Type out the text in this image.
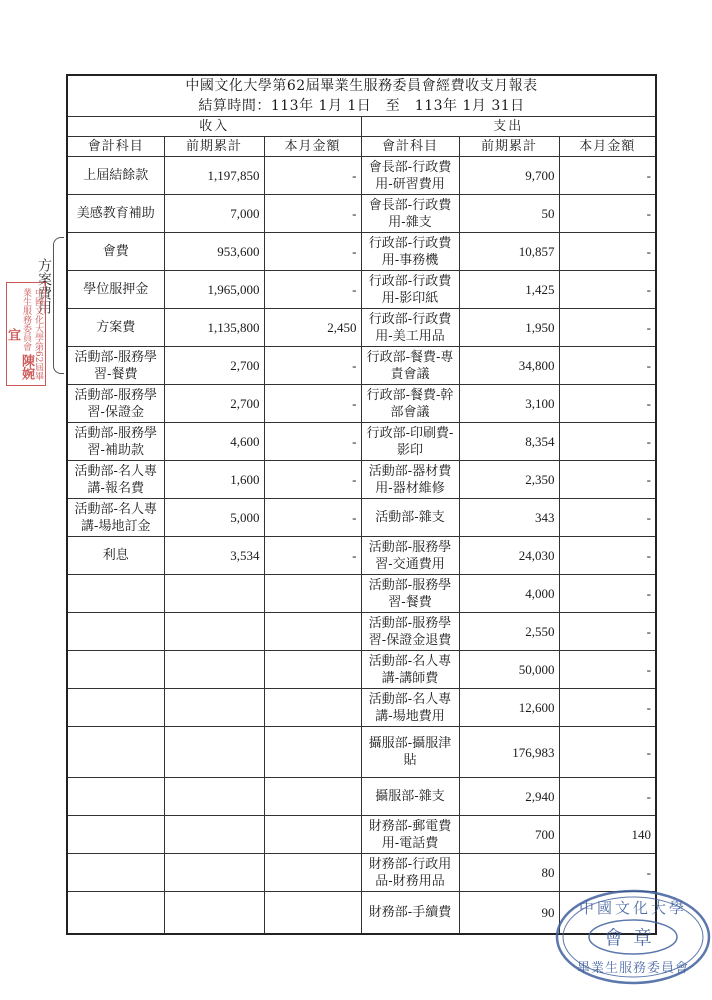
中國文化大學第62屆畢業生服務委員會經費收支月報表
結算時間：113年 1月 1日　至　113年 1月 31日					

收入			支出		
會計科目	前期累計	本月金額	會計科目	前期累計	本月金額
上屆結餘款	1,197,850	-	會長部-行政費用-研習費用	9,700	-
美感教育補助	7,000	-	會長部-行政費用-雜支	50	-
會費	953,600	-	行政部-行政費用-事務機	10,857	-
學位服押金	1,965,000	-	行政部-行政費用-影印紙	1,425	-
方案費	1,135,800	2,450	行政部-行政費用-美工用品	1,950	-
活動部-服務學習-餐費	2,700	-	行政部-餐費-專責會議	34,800	-
活動部-服務學習-保證金	2,700	-	行政部-餐費-幹部會議	3,100	-
活動部-服務學習-補助款	4,600	-	行政部-印刷費-影印	8,354	-
活動部-名人專講-報名費	1,600	-	活動部-器材費用-器材維修	2,350	-
活動部-名人專講-場地訂金	5,000	-	活動部-雜支	343	-
利息	3,534	-	活動部-服務學習-交通費用	24,030	-
			活動部-服務學習-餐費	4,000	-
			活動部-服務學習-保證金退費	2,550	-
			活動部-名人專講-講師費	50,000	-
			活動部-名人專講-場地費用	12,600	-
			攝服部-攝服津貼	176,983	-
			攝服部-雜支	2,940	-
			財務部-郵電費用-電話費	700	140
			財務部-行政用品-財務用品	80	-
			財務部-手續費	90	
方案費用
中國文化大學第62屆畢業生服務委員會 陳婉宜
中國文化大學
會章
畢業生服務委員會
